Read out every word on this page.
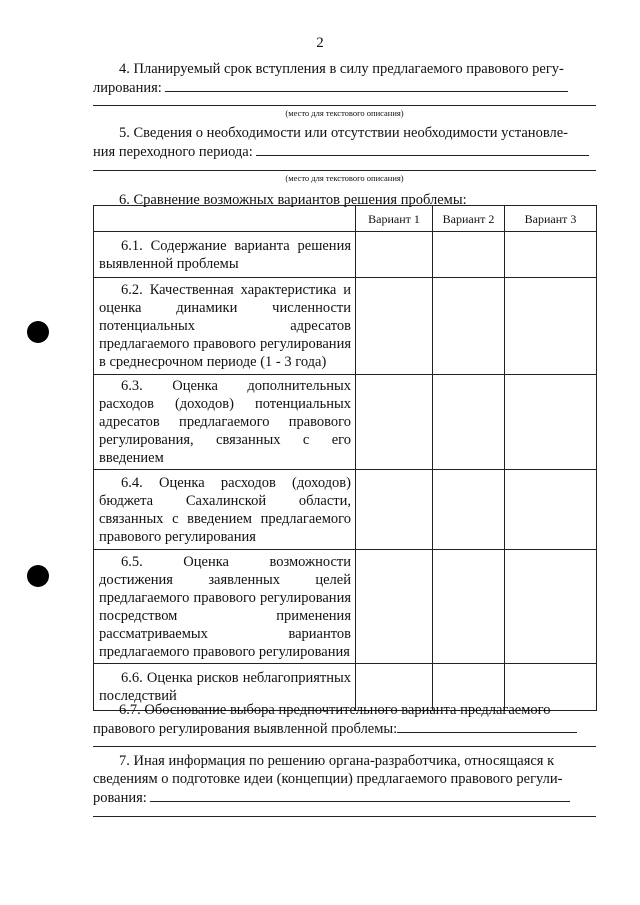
2

4. Планируемый срок вступления в силу предлагаемого правового регу-

лирования:

(место для текстового описания)

5. Сведения о необходимости или отсутствии необходимости установле-

ния переходного периода:

(место для текстового описания)
6. Сравнение возможных вариантов решения проблемы:
	Вариант 1	Вариант 2	Вариант 3

6.1. Содержание варианта решения выявленной проблемы			

6.2. Качественная характеристика и оценка динамики численности потенциальных адресатов предлагаемого правового регулирования в среднесрочном периоде (1 - 3 года)			

6.3. Оценка дополнительных расходов (доходов) потенциальных адресатов предлагаемого правового регулирования, связанных с его введением			

6.4. Оценка расходов (доходов) бюджета Сахалинской области, связанных с введением предлагаемого правового регулирования			

6.5. Оценка возможности достижения заявленных целей предлагаемого правового регулирования посредством применения рассматриваемых вариантов предлагаемого правового регулирования			

6.6. Оценка рисков неблагоприятных последствий			

6.7. Обоснование выбора предпочтительного варианта предлагаемого

правового регулирования выявленной проблемы:

7. Иная информация по решению органа-разработчика, относящаяся к

сведениям о подготовке идеи (концепции) предлагаемого правового регули-

рования:
